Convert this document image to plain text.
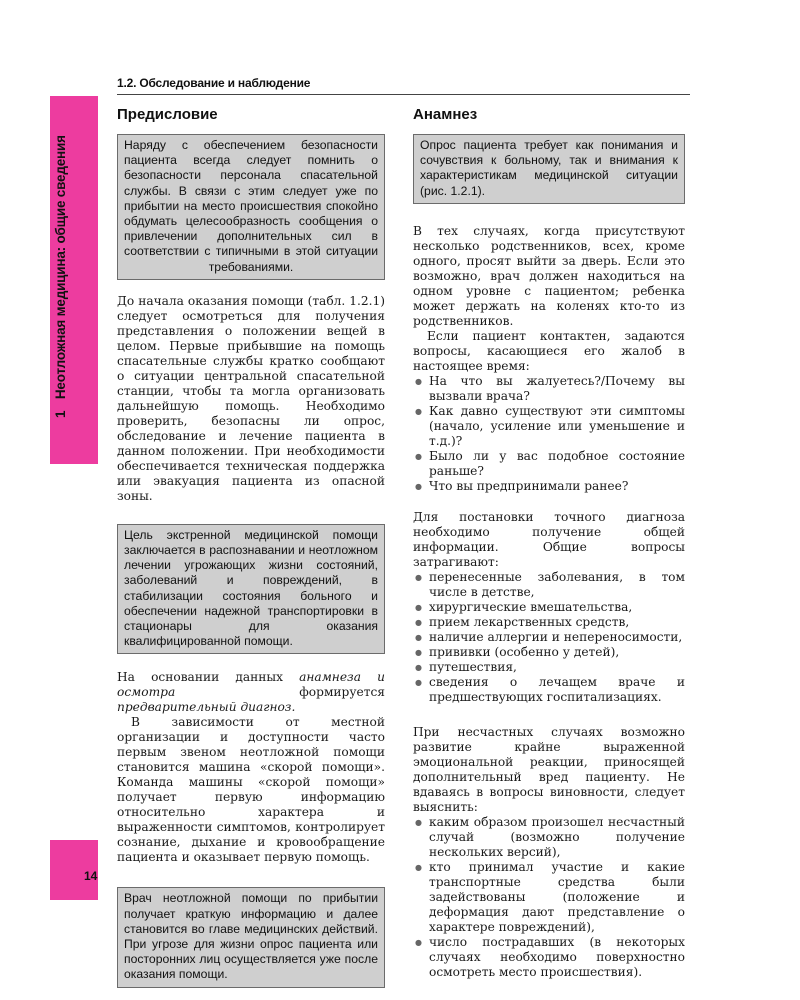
1 Неотложная медицина: общие сведения
14
1.2. Обследование и наблюдение
Предисловие
Наряду с обеспечением безопасности пациента всегда следует помнить о безопасности персонала спасательной службы. В связи с этим следует уже по прибытии на место происшествия спокойно обдумать целесообразность сообщения о привлечении дополнительных сил в соответствии с типичными в этой ситуации требованиями.

До начала оказания помощи (табл. 1.2.1) следует осмотреться для получения представления о положении вещей в целом. Первые прибывшие на помощь спасательные службы кратко сообщают о ситуации центральной спасательной станции, чтобы та могла организовать дальнейшую помощь. Необходимо проверить, безопасны ли опрос, обследование и лечение пациента в данном положении. При необходимости обеспечивается техническая поддержка или эвакуация пациента из опасной зоны.

Цель экстренной медицинской помощи заключается в распознавании и неотложном лечении угрожающих жизни состояний, заболеваний и повреждений, в стабилизации состояния больного и обеспечении надежной транспортировки в стационары для оказания квалифицированной помощи.

На основании данных анамнеза и осмотра формируется предварительный диагноз.

В зависимости от местной организации и доступности часто первым звеном неотложной помощи становится машина «скорой помощи». Команда машины «скорой помощи» получает первую информацию относительно характера и выраженности симптомов, контролирует сознание, дыхание и кровообращение пациента и оказывает первую помощь.

Врач неотложной помощи по прибытии получает краткую информацию и далее становится во главе медицинских действий. При угрозе для жизни опрос пациента или посторонних лиц осуществляется уже после оказания помощи.
Анамнез
Опрос пациента требует как понимания и сочувствия к больному, так и внимания к характеристикам медицинской ситуации (рис. 1.2.1).

В тех случаях, когда присутствуют несколько родственников, всех, кроме одного, просят выйти за дверь. Если это возможно, врач должен находиться на одном уровне с пациентом; ребенка может держать на коленях кто-то из родственников.

Если пациент контактен, задаются вопросы, касающиеся его жалоб в настоящее время:

● На что вы жалуетесь?/Почему вы вызвали врача?
● Как давно существуют эти симптомы (начало, усиление или уменьшение и т.д.)?
● Было ли у вас подобное состояние раньше?
● Что вы предпринимали ранее?

Для постановки точного диагноза необходимо получение общей информации. Общие вопросы затрагивают:

● перенесенные заболевания, в том числе в детстве,
● хирургические вмешательства,
● прием лекарственных средств,
● наличие аллергии и непереносимости,
● прививки (особенно у детей),
● путешествия,
● сведения о лечащем враче и предшествующих госпитализациях.

При несчастных случаях возможно развитие крайне выраженной эмоциональной реакции, приносящей дополнительный вред пациенту. Не вдаваясь в вопросы виновности, следует выяснить:

● каким образом произошел несчастный случай (возможно получение нескольких версий),
● кто принимал участие и какие транспортные средства были задействованы (положение и деформация дают представление о характере повреждений),
● число пострадавших (в некоторых случаях необходимо поверхностно осмотреть место происшествия).
